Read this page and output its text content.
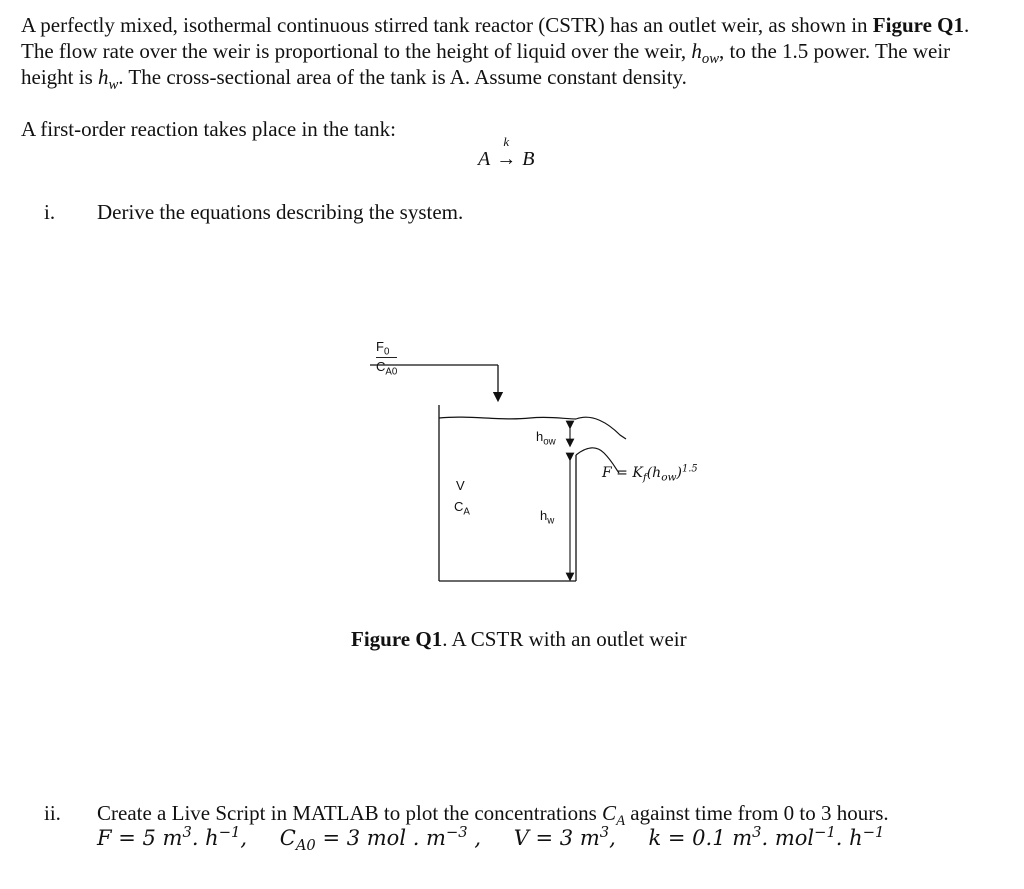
A perfectly mixed, isothermal continuous stirred tank reactor (CSTR) has an outlet weir, as shown in Figure Q1. The flow rate over the weir is proportional to the height of liquid over the weir, $h_{ow}$, to the 1.5 power. The weir height is $h_w$. The cross-sectional area of the tank is A. Assume constant density.

A first-order reaction takes place in the tank:

A
k
→ B
i. Derive the equations describing the system.
$F_0$
$C_{A0}$
V
$C_A$
$h_{ow}$
$h_w$
$F = K_f(h_{ow})^{1.5}$
Figure Q1. A CSTR with an outlet weir
ii. Create a Live Script in MATLAB to plot the concentrations $C_A$ against time from 0 to 3 hours.
F = 5 $m^3$. $h^{-1}$, $C_{A0} = 3$ mol . $m^{-3}$ , V = 3 $m^3$, k = 0.1 $m^3$. mol$^{-1}$. $h^{-1}$
